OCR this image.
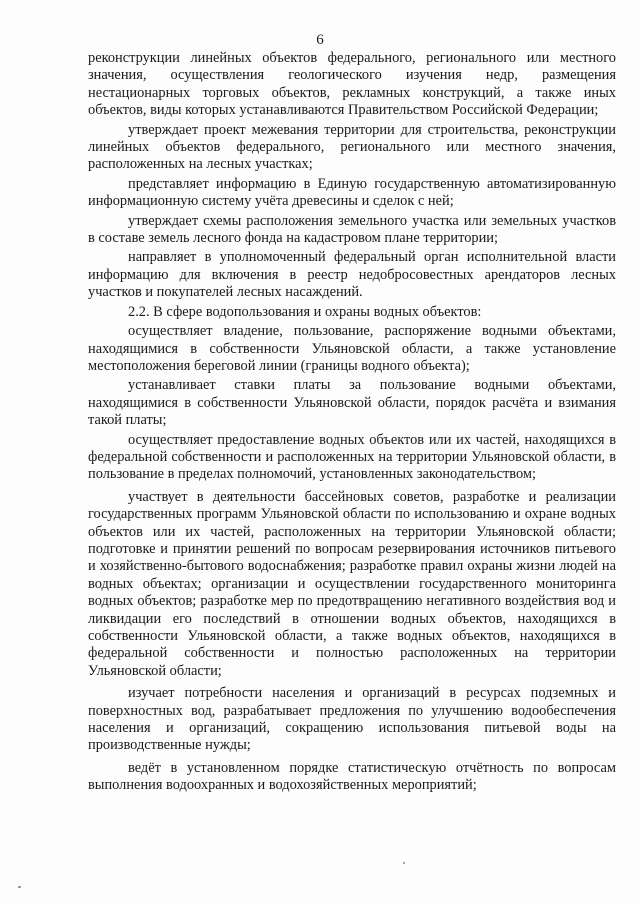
6

реконструкции линейных объектов федерального, регионального или местного значения, осуществления геологического изучения недр, размещения нестационарных торговых объектов, рекламных конструкций, а также иных объектов, виды которых устанавливаются Правительством Российской Федерации;

утверждает проект межевания территории для строительства, реконструкции линейных объектов федерального, регионального или местного значения, расположенных на лесных участках;

представляет информацию в Единую государственную автоматизированную информационную систему учёта древесины и сделок с ней;

утверждает схемы расположения земельного участка или земельных участков в составе земель лесного фонда на кадастровом плане территории;

направляет в уполномоченный федеральный орган исполнительной власти информацию для включения в реестр недобросовестных арендаторов лесных участков и покупателей лесных насаждений.

2.2. В сфере водопользования и охраны водных объектов:

осуществляет владение, пользование, распоряжение водными объектами, находящимися в собственности Ульяновской области, а также установление местоположения береговой линии (границы водного объекта);

устанавливает ставки платы за пользование водными объектами, находящимися в собственности Ульяновской области, порядок расчёта и взимания такой платы;

осуществляет предоставление водных объектов или их частей, находящихся в федеральной собственности и расположенных на территории Ульяновской области, в пользование в пределах полномочий, установленных законодательством;

участвует в деятельности бассейновых советов, разработке и реализации государственных программ Ульяновской области по использованию и охране водных объектов или их частей, расположенных на территории Ульяновской области; подготовке и принятии решений по вопросам резервирования источников питьевого и хозяйственно-бытового водоснабжения; разработке правил охраны жизни людей на водных объектах; организации и осуществлении государственного мониторинга водных объектов; разработке мер по предотвращению негативного воздействия вод и ликвидации его последствий в отношении водных объектов, находящихся в собственности Ульяновской области, а также водных объектов, находящихся в федеральной собственности и полностью расположенных на территории Ульяновской области;

изучает потребности населения и организаций в ресурсах подземных и поверхностных вод, разрабатывает предложения по улучшению водообеспечения населения и организаций, сокращению использования питьевой воды на производственные нужды;

ведёт в установленном порядке статистическую отчётность по вопросам выполнения водоохранных и водохозяйственных мероприятий;
